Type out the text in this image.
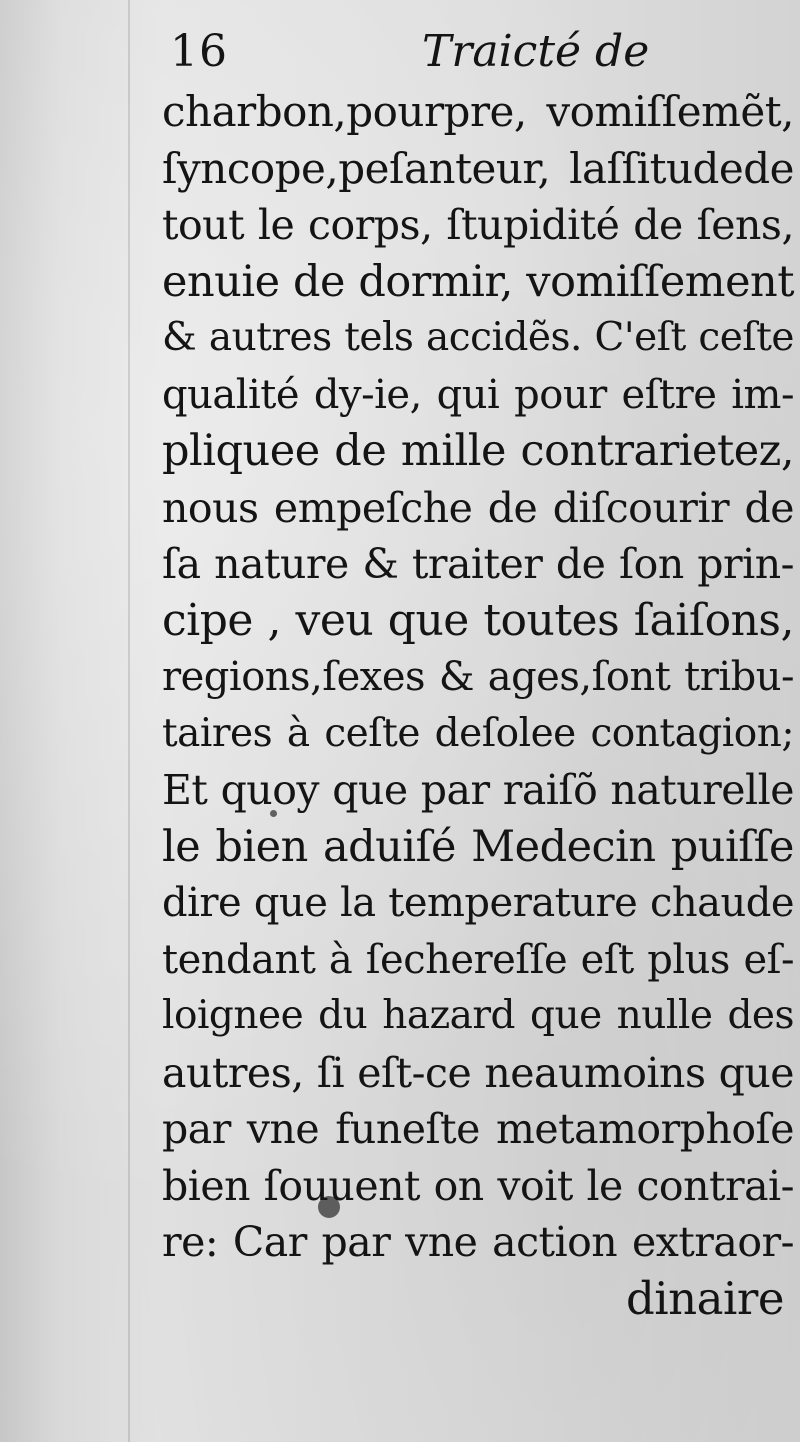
16	Traicté de
charbon,pourpre, vomiſſemẽt,
ſyncope,peſanteur, laſſitudede
tout le corps, ſtupidité de ſens,
enuie de dormir, vomiſſement
& autres tels accidẽs. C'eſt ceſte
qualité dy-ie, qui pour eſtre im-
pliquee de mille contrarietez,
nous empeſche de diſcourir de
ſa nature & traiter de ſon prin-
cipe , veu que toutes ſaiſons,
regions,ſexes & ages,ſont tribu-
taires à ceſte deſolee contagion;
Et quoy que par raiſõ naturelle
le bien aduiſé Medecin puiſſe
dire que la temperature chaude
tendant à ſechereſſe eſt plus eſ-
loignee du hazard que nulle des
autres, ſi eſt-ce neaumoins que
par vne funeſte metamorphoſe
bien ſouuent on voit le contrai-
re: Car par vne action extraor-
dinaire
